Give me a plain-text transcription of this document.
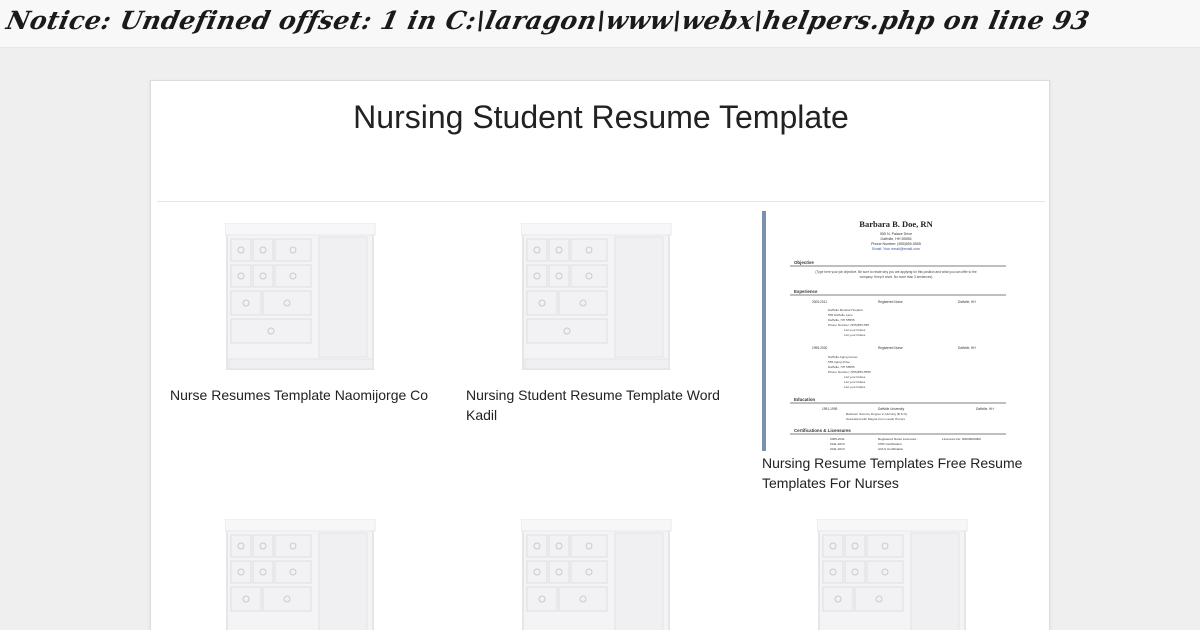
Notice: Undefined offset: 1 in C:\laragon\www\webx\helpers.php on line 93
Nursing Student Resume Template
Nurse Resumes Template Naomijorge Co	Nursing Student Resume Template Word Kadil
Barbara B. Doe, RN
555 N. Palace Drive
Daffville, HH 55555
Phone Number: (555)555-5555
Email: Your email@email.com
Objective
(Type here your job objective. Be sure to relate why you are applying for this position and what you can offer to the
company. Keep it short. No more than 3 sentences)
Experience
2005-2011	Registered Nurse	Daffville, HH
Daffville Medical Hospital
555 Daffville Lane
Daffville, HH 55555
Phone Number: (555)555-555
List your Duties
List your Duties
1995-2000	Registered Nurse	Daffville, HH
Daffville Aging Center
555 Aging Drive
Daffville, HH 55555
Phone Number: (555)555-5555
List your Duties
List your Duties
List your Duties
Education
1991-1995	Daffville University	Daffville, HH
Bachelor Science Degree in Nursing (B.S.N)
Graduated with Magna Cum Laude Honors
Certifications & Licensures
2005-2011	Registered Nurse Licensure	Licensure No: 00000000000
2011-2013	CPR Certification
2011-2013	ACLS Certification
Nursing Resume Templates Free Resume Templates For Nurses
